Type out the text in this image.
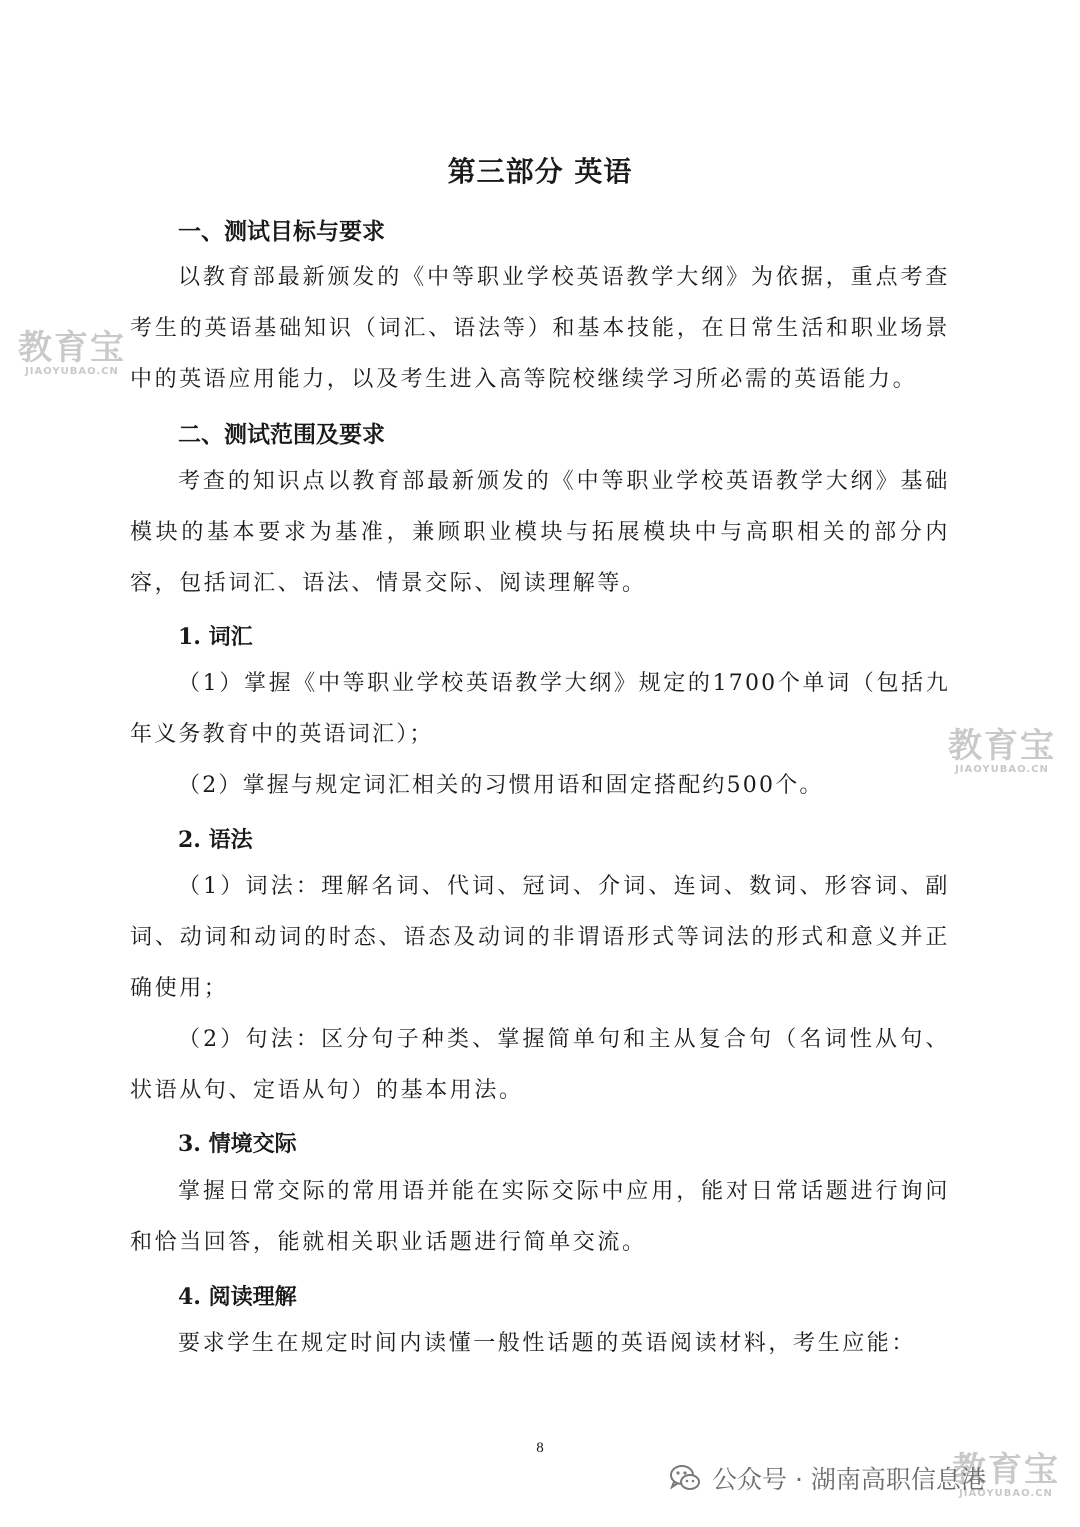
第三部分 英语
一、测试目标与要求
以教育部最新颁发的《中等职业学校英语教学大纲》为依据，重点考查考生的英语基础知识（词汇、语法等）和基本技能，在日常生活和职业场景中的英语应用能力，以及考生进入高等院校继续学习所必需的英语能力。
二、测试范围及要求
考查的知识点以教育部最新颁发的《中等职业学校英语教学大纲》基础模块的基本要求为基准，兼顾职业模块与拓展模块中与高职相关的部分内容，包括词汇、语法、情景交际、阅读理解等。
1. 词汇
（1）掌握《中等职业学校英语教学大纲》规定的1700个单词（包括九年义务教育中的英语词汇）；
（2）掌握与规定词汇相关的习惯用语和固定搭配约500个。
2. 语法
（1）词法：理解名词、代词、冠词、介词、连词、数词、形容词、副词、动词和动词的时态、语态及动词的非谓语形式等词法的形式和意义并正确使用；
（2）句法：区分句子种类、掌握简单句和主从复合句（名词性从句、状语从句、定语从句）的基本用法。
3. 情境交际
掌握日常交际的常用语并能在实际交际中应用，能对日常话题进行询问和恰当回答，能就相关职业话题进行简单交流。
4. 阅读理解
要求学生在规定时间内读懂一般性话题的英语阅读材料，考生应能：
8
教育宝
JIAOYUBAO.CN
教育宝
JIAOYUBAO.CN
教育宝
JIAOYUBAO.CN
公众号 · 湖南高职信息港
